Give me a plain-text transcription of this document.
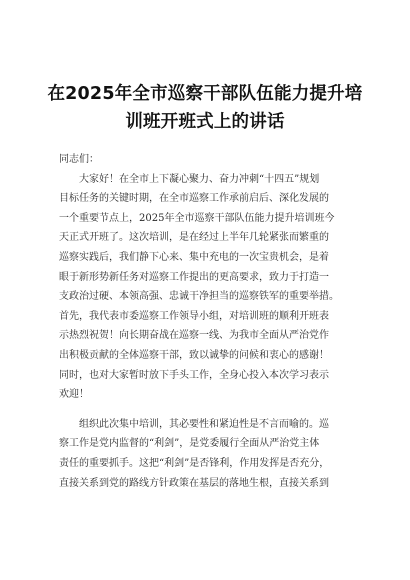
在2025年全市巡察干部队伍能力提升培
训班开班式上的讲话
同志们：
大家好！在全市上下凝心聚力、奋力冲刺“十四五”规划
目标任务的关键时期，在全市巡察工作承前启后、深化发展的
一个重要节点上，2025年全市巡察干部队伍能力提升培训班今
天正式开班了。这次培训，是在经过上半年几轮紧张而繁重的
巡察实践后，我们静下心来、集中充电的一次宝贵机会，是着
眼于新形势新任务对巡察工作提出的更高要求，致力于打造一
支政治过硬、本领高强、忠诚干净担当的巡察铁军的重要举措。
首先，我代表市委巡察工作领导小组，对培训班的顺利开班表
示热烈祝贺！向长期奋战在巡察一线、为我市全面从严治党作
出积极贡献的全体巡察干部，致以诚挚的问候和衷心的感谢！
同时，也对大家暂时放下手头工作，全身心投入本次学习表示
欢迎！
组织此次集中培训，其必要性和紧迫性是不言而喻的。巡
察工作是党内监督的“利剑”，是党委履行全面从严治党主体
责任的重要抓手。这把“利剑”是否锋利，作用发挥是否充分，
直接关系到党的路线方针政策在基层的落地生根，直接关系到
